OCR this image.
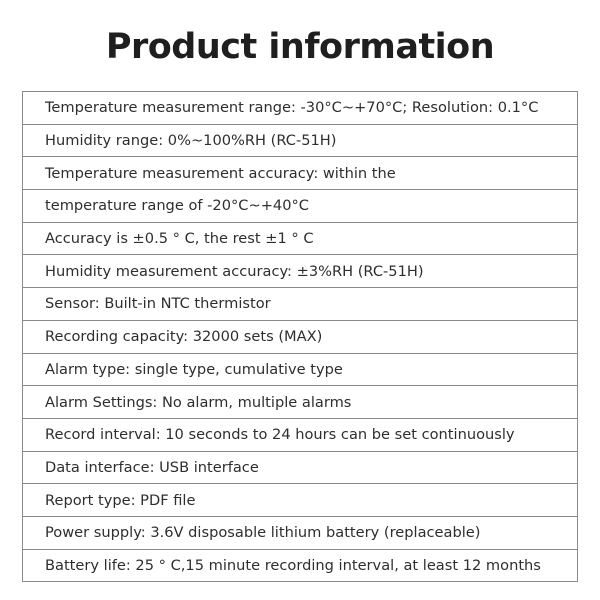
Product information
Temperature measurement range: -30°C~+70°C; Resolution: 0.1°C
Humidity range: 0%~100%RH (RC-51H)
Temperature measurement accuracy: within the
temperature range of -20°C~+40°C
Accuracy is ±0.5 ° C, the rest ±1 ° C
Humidity measurement accuracy: ±3%RH (RC-51H)
Sensor: Built-in NTC thermistor
Recording capacity: 32000 sets (MAX)
Alarm type: single type, cumulative type
Alarm Settings: No alarm, multiple alarms
Record interval: 10 seconds to 24 hours can be set continuously
Data interface: USB interface
Report type: PDF file
Power supply: 3.6V disposable lithium battery (replaceable)
Battery life: 25 ° C,15 minute recording interval, at least 12 months
